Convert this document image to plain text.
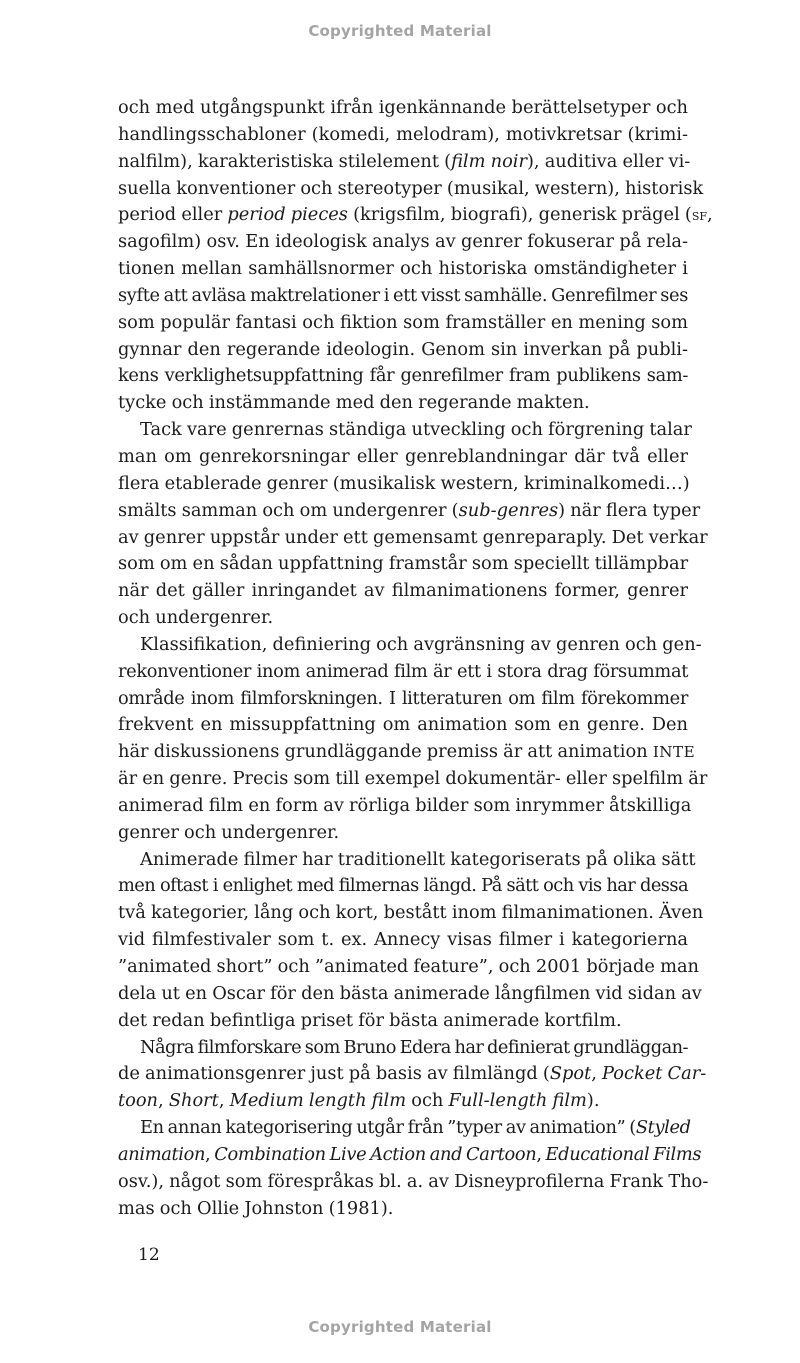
Copyrighted Material
och med utgångspunkt ifrån igenkännande berättelsetyper och
handlingsschabloner (komedi, melodram), motivkretsar (krimi-
nalfilm), karakteristiska stilelement (film noir), auditiva eller vi-
suella konventioner och stereotyper (musikal, western), historisk
period eller period pieces (krigsfilm, biografi), generisk prägel (sf,
sagofilm) osv. En ideologisk analys av genrer fokuserar på rela-
tionen mellan samhällsnormer och historiska omständigheter i
syfte att avläsa maktrelationer i ett visst samhälle. Genrefilmer ses
som populär fantasi och fiktion som framställer en mening som
gynnar den regerande ideologin. Genom sin inverkan på publi-
kens verklighetsuppfattning får genrefilmer fram publikens sam-
tycke och instämmande med den regerande makten.
Tack vare genrernas ständiga utveckling och förgrening talar
man om genrekorsningar eller genreblandningar där två eller
flera etablerade genrer (musikalisk western, kriminalkomedi…)
smälts samman och om undergenrer (sub-genres) när flera typer
av genrer uppstår under ett gemensamt genreparaply. Det verkar
som om en sådan uppfattning framstår som speciellt tillämpbar
när det gäller inringandet av filmanimationens former, genrer
och undergenrer.
Klassifikation, definiering och avgränsning av genren och gen-
rekonventioner inom animerad film är ett i stora drag försummat
område inom filmforskningen. I litteraturen om film förekommer
frekvent en missuppfattning om animation som en genre. Den
här diskussionens grundläggande premiss är att animation INTE
är en genre. Precis som till exempel dokumentär- eller spelfilm är
animerad film en form av rörliga bilder som inrymmer åtskilliga
genrer och undergenrer.
Animerade filmer har traditionellt kategoriserats på olika sätt
men oftast i enlighet med filmernas längd. På sätt och vis har dessa
två kategorier, lång och kort, bestått inom filmanimationen. Även
vid filmfestivaler som t. ex. Annecy visas filmer i kategorierna
”animated short” och ”animated feature”, och 2001 började man
dela ut en Oscar för den bästa animerade långfilmen vid sidan av
det redan befintliga priset för bästa animerade kortfilm.
Några filmforskare som Bruno Edera har definierat grundläggan-
de animationsgenrer just på basis av filmlängd (Spot, Pocket Car-
toon, Short, Medium length film och Full-length film).
En annan kategorisering utgår från ”typer av animation” (Styled
animation, Combination Live Action and Cartoon, Educational Films
osv.), något som förespråkas bl. a. av Disneyprofilerna Frank Tho-
mas och Ollie Johnston (1981).
12
Copyrighted Material
